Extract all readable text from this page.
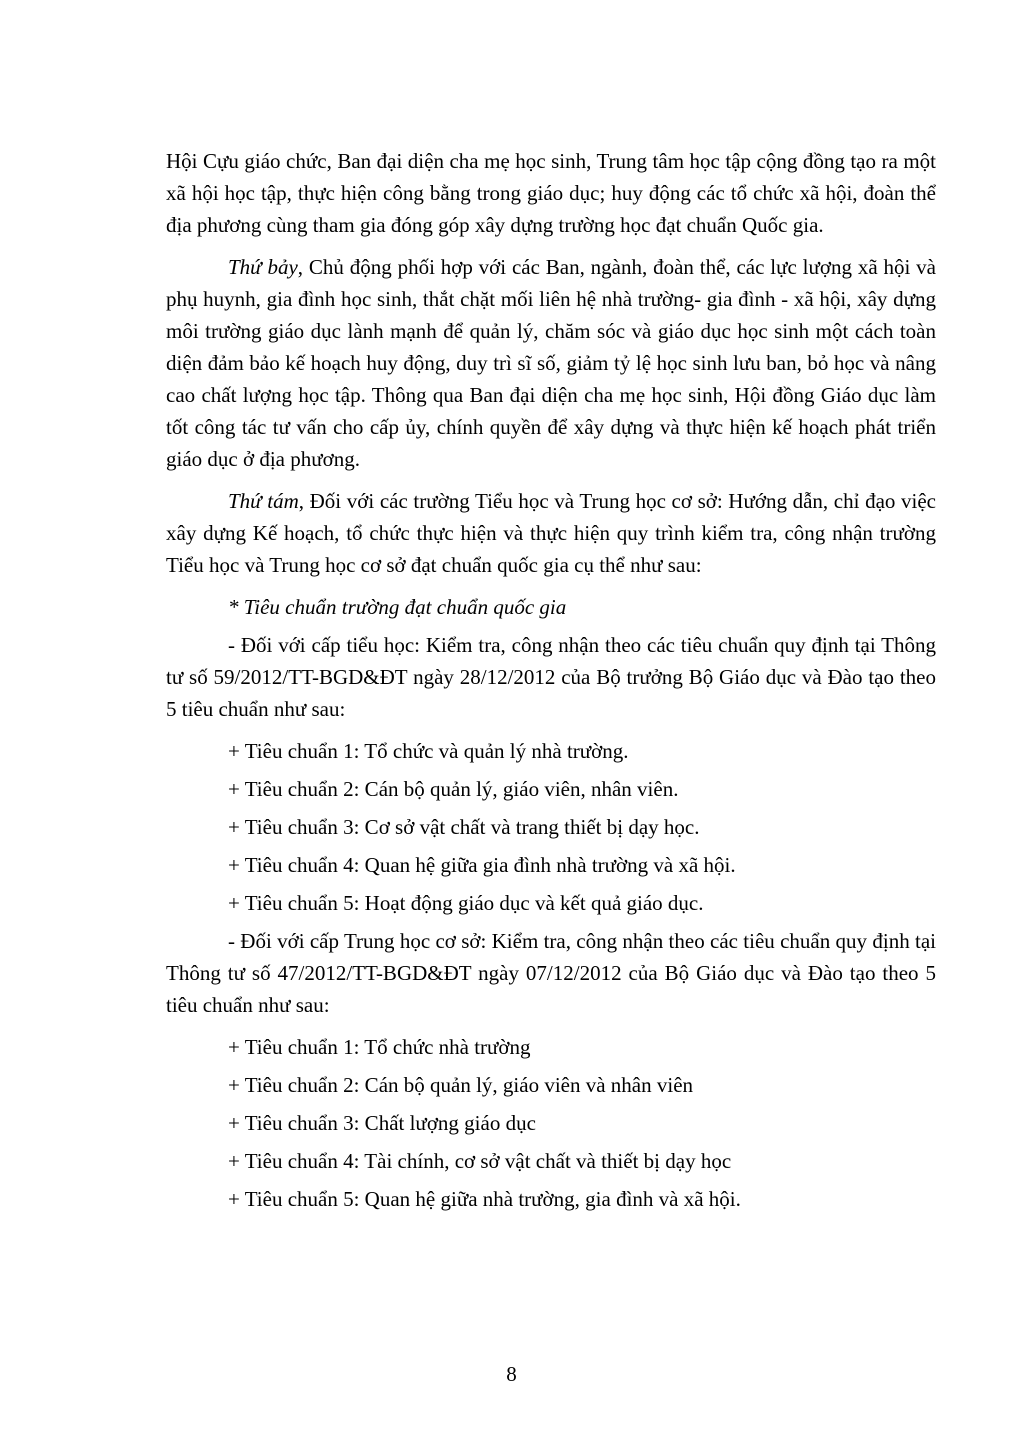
Hội Cựu giáo chức, Ban đại diện cha mẹ học sinh, Trung tâm học tập cộng đồng tạo ra một xã hội học tập, thực hiện công bằng trong giáo dục; huy động các tổ chức xã hội, đoàn thể địa phương cùng tham gia đóng góp xây dựng trường học đạt chuẩn Quốc gia.

Thứ bảy, Chủ động phối hợp với các Ban, ngành, đoàn thể, các lực lượng xã hội và phụ huynh, gia đình học sinh, thắt chặt mối liên hệ nhà trường- gia đình - xã hội, xây dựng môi trường giáo dục lành mạnh để quản lý, chăm sóc và giáo dục học sinh một cách toàn diện đảm bảo kế hoạch huy động, duy trì sĩ số, giảm tỷ lệ học sinh lưu ban, bỏ học và nâng cao chất lượng học tập. Thông qua Ban đại diện cha mẹ học sinh, Hội đồng Giáo dục làm tốt công tác tư vấn cho cấp ủy, chính quyền để xây dựng và thực hiện kế hoạch phát triển giáo dục ở địa phương.

Thứ tám, Đối với các trường Tiểu học và Trung học cơ sở: Hướng dẫn, chỉ đạo việc xây dựng Kế hoạch, tổ chức thực hiện và thực hiện quy trình kiểm tra, công nhận trường Tiểu học và Trung học cơ sở đạt chuẩn quốc gia cụ thể như sau:

* Tiêu chuẩn trường đạt chuẩn quốc gia

- Đối với cấp tiểu học: Kiểm tra, công nhận theo các tiêu chuẩn quy định tại Thông tư số 59/2012/TT-BGD&ĐT ngày 28/12/2012 của Bộ trưởng Bộ Giáo dục và Đào tạo theo 5 tiêu chuẩn như sau:

+ Tiêu chuẩn 1: Tổ chức và quản lý nhà trường.

+ Tiêu chuẩn 2: Cán bộ quản lý, giáo viên, nhân viên.

+ Tiêu chuẩn 3: Cơ sở vật chất và trang thiết bị dạy học.

+ Tiêu chuẩn 4: Quan hệ giữa gia đình nhà trường và xã hội.

+ Tiêu chuẩn 5: Hoạt động giáo dục và kết quả giáo dục.

- Đối với cấp Trung học cơ sở: Kiểm tra, công nhận theo các tiêu chuẩn quy định tại Thông tư số 47/2012/TT-BGD&ĐT ngày 07/12/2012 của Bộ Giáo dục và Đào tạo theo 5 tiêu chuẩn như sau:

+ Tiêu chuẩn 1: Tổ chức nhà trường

+ Tiêu chuẩn 2: Cán bộ quản lý, giáo viên và nhân viên

+ Tiêu chuẩn 3: Chất lượng giáo dục

+ Tiêu chuẩn 4: Tài chính, cơ sở vật chất và thiết bị dạy học

+ Tiêu chuẩn 5: Quan hệ giữa nhà trường, gia đình và xã hội.

8
